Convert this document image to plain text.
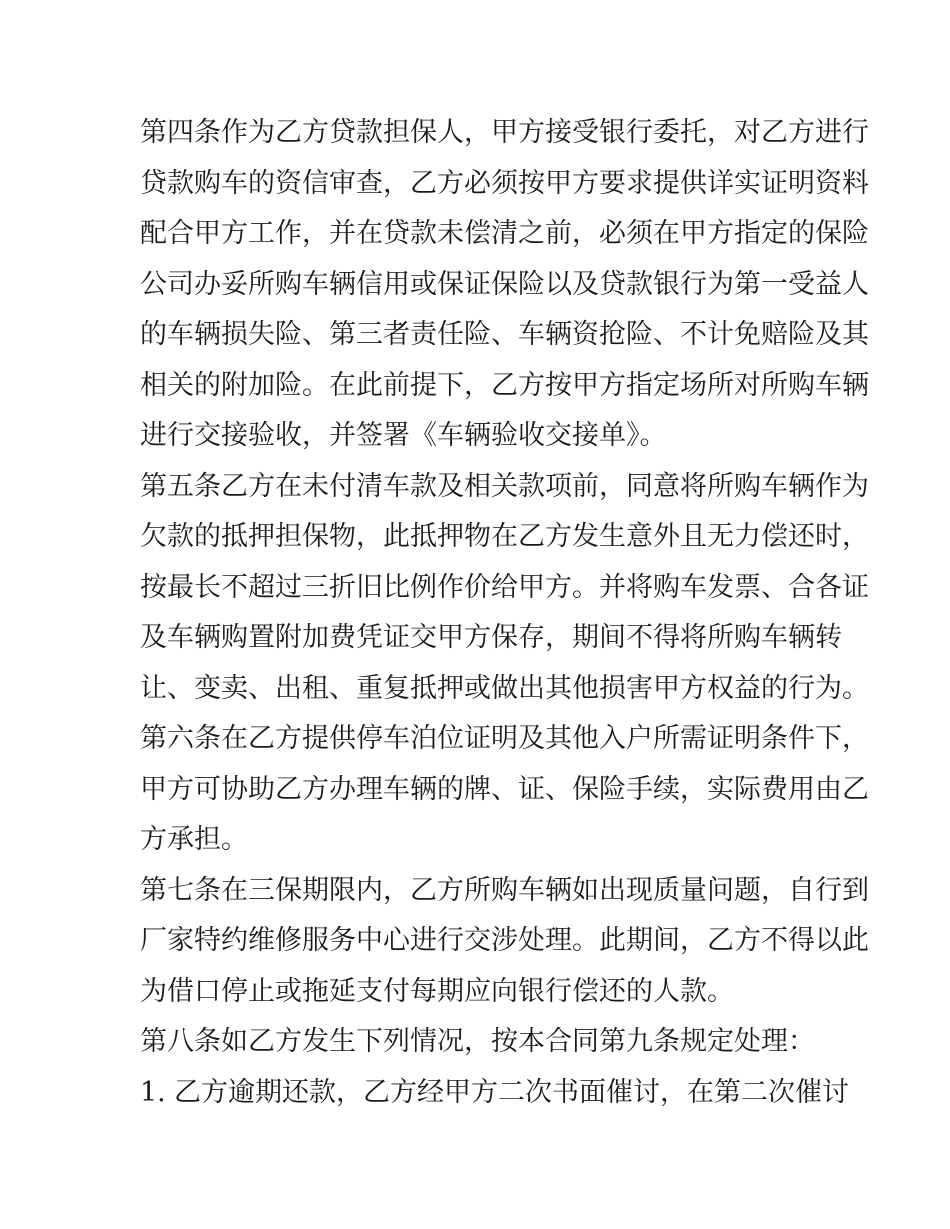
第四条作为乙方贷款担保人，甲方接受银行委托，对乙方进行
贷款购车的资信审查，乙方必须按甲方要求提供详实证明资料
配合甲方工作，并在贷款未偿清之前，必须在甲方指定的保险
公司办妥所购车辆信用或保证保险以及贷款银行为第一受益人
的车辆损失险、第三者责任险、车辆资抢险、不计免赔险及其
相关的附加险。在此前提下，乙方按甲方指定场所对所购车辆
进行交接验收，并签署《车辆验收交接单》。
第五条乙方在未付清车款及相关款项前，同意将所购车辆作为
欠款的抵押担保物，此抵押物在乙方发生意外且无力偿还时，
按最长不超过三折旧比例作价给甲方。并将购车发票、合各证
及车辆购置附加费凭证交甲方保存，期间不得将所购车辆转
让、变卖、出租、重复抵押或做出其他损害甲方权益的行为。
第六条在乙方提供停车泊位证明及其他入户所需证明条件下，
甲方可协助乙方办理车辆的牌、证、保险手续，实际费用由乙
方承担。
第七条在三保期限内，乙方所购车辆如出现质量问题，自行到
厂家特约维修服务中心进行交涉处理。此期间，乙方不得以此
为借口停止或拖延支付每期应向银行偿还的人款。
第八条如乙方发生下列情况，按本合同第九条规定处理：
1. 乙方逾期还款，乙方经甲方二次书面催讨，在第二次催讨
